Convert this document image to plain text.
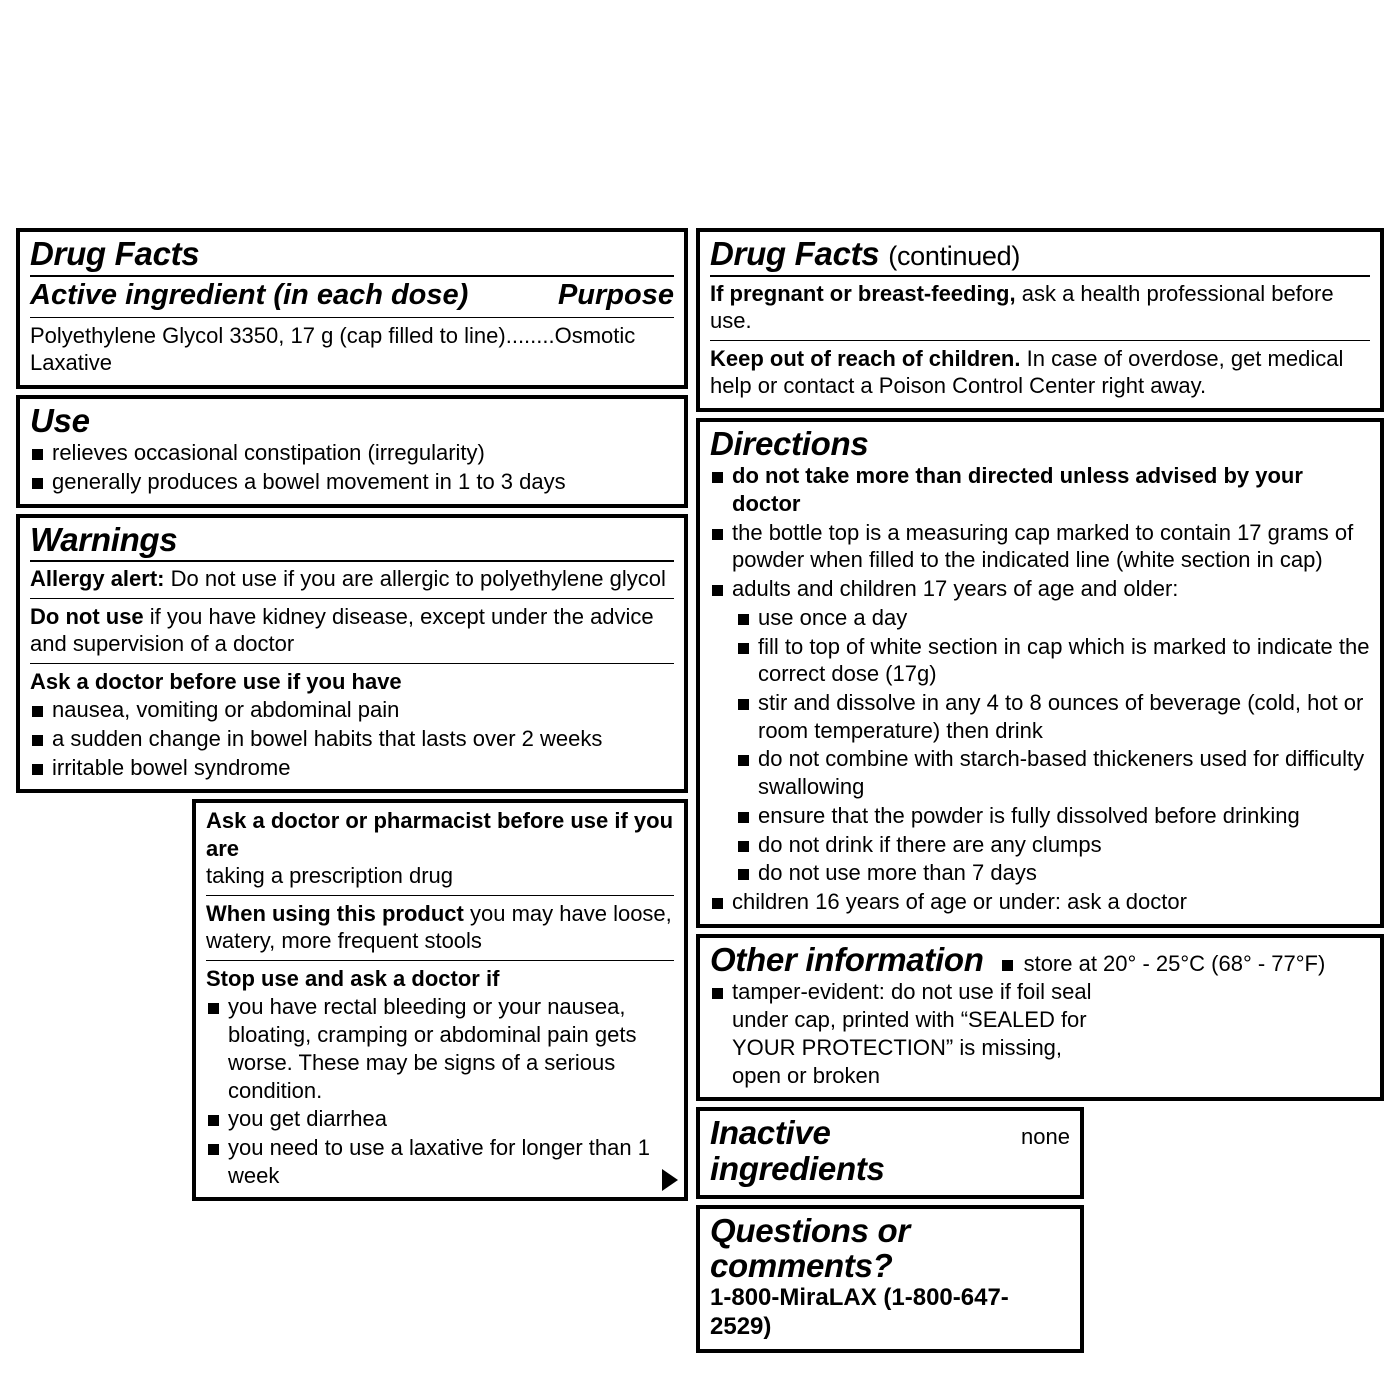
Drug Facts
Active ingredient (in each dose)	Purpose
Polyethylene Glycol 3350, 17 g (cap filled to line)........Osmotic Laxative
Use
relieves occasional constipation (irregularity)
generally produces a bowel movement in 1 to 3 days
Warnings
Allergy alert: Do not use if you are allergic to polyethylene glycol
Do not use if you have kidney disease, except under the advice and supervision of a doctor
Ask a doctor before use if you have
nausea, vomiting or abdominal pain
a sudden change in bowel habits that lasts over 2 weeks
irritable bowel syndrome
Ask a doctor or pharmacist before use if you are
taking a prescription drug
When using this product you may have loose, watery, more frequent stools
Stop use and ask a doctor if
you have rectal bleeding or your nausea, bloating, cramping or abdominal pain gets worse. These may be signs of a serious condition.
you get diarrhea
you need to use a laxative for longer than 1 week
Drug Facts (continued)
If pregnant or breast-feeding, ask a health professional before use.
Keep out of reach of children. In case of overdose, get medical help or contact a Poison Control Center right away.
Directions
do not take more than directed unless advised by your doctor
the bottle top is a measuring cap marked to contain 17 grams of powder when filled to the indicated line (white section in cap)
adults and children 17 years of age and older:
use once a day
fill to top of white section in cap which is marked to indicate the correct dose (17g)
stir and dissolve in any 4 to 8 ounces of beverage (cold, hot or room temperature) then drink
do not combine with starch-based thickeners used for difficulty swallowing
ensure that the powder is fully dissolved before drinking
do not drink if there are any clumps
do not use more than 7 days
children 16 years of age or under: ask a doctor
Other information	store at 20° - 25°C (68° - 77°F)
tamper-evident: do not use if foil seal under cap, printed with “SEALED for YOUR PROTECTION” is missing, open or broken
Inactive ingredients
none
Questions or comments?
1-800-MiraLAX (1-800-647-2529)
